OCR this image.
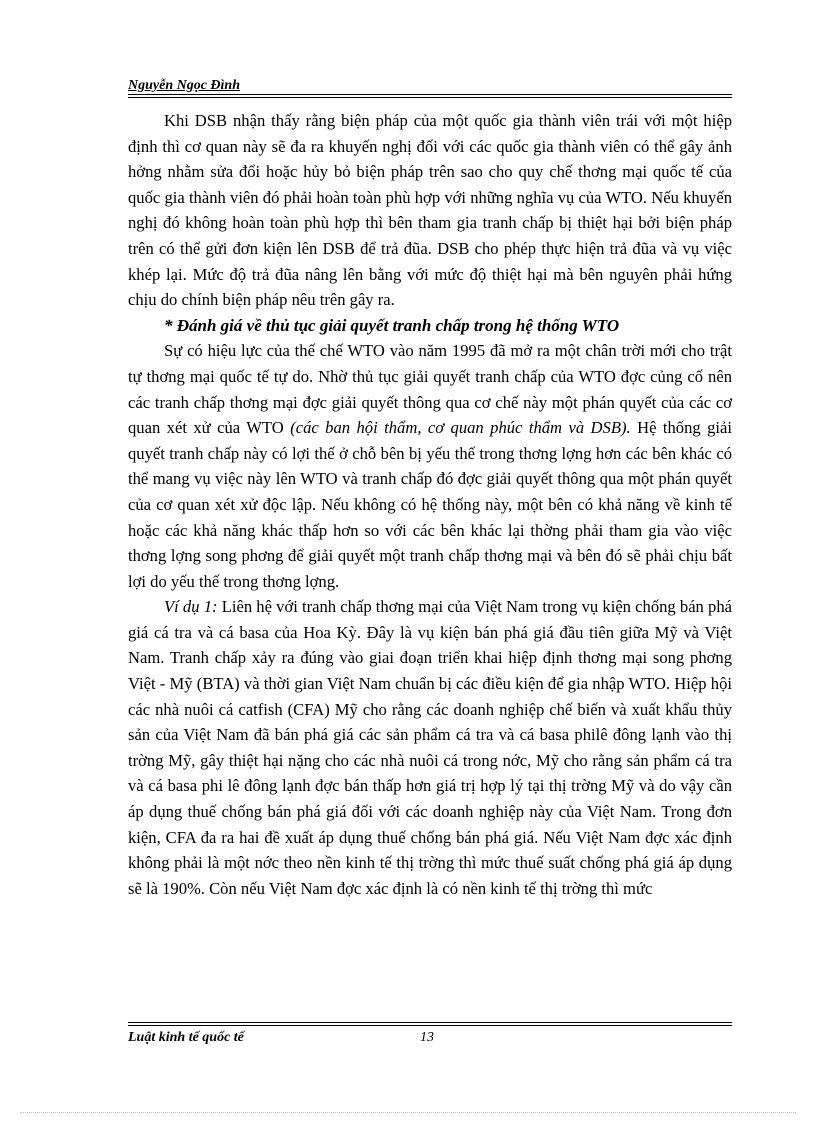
Nguyễn Ngọc Đình

Khi DSB nhận thấy rằng biện pháp của một quốc gia thành viên trái với một hiệp định thì cơ quan này sẽ đa ra khuyến nghị đối với các quốc gia thành viên có thể gây ảnh hởng nhằm sửa đổi hoặc hủy bỏ biện pháp trên sao cho quy chế thơng mại quốc tế của quốc gia thành viên đó phải hoàn toàn phù hợp với những nghĩa vụ của WTO. Nếu khuyến nghị đó không hoàn toàn phù hợp thì bên tham gia tranh chấp bị thiệt hại bởi biện pháp trên có thể gửi đơn kiện lên DSB để trả đũa. DSB cho phép thực hiện trả đũa và vụ việc khép lại. Mức độ trả đũa nâng lên bằng với mức độ thiệt hại mà bên nguyên phải hứng chịu do chính biện pháp nêu trên gây ra.

* Đánh giá về thủ tục giải quyết tranh chấp trong hệ thống WTO

Sự có hiệu lực của thế chế WTO vào năm 1995 đã mở ra một chân trời mới cho trật tự thơng mại quốc tế tự do. Nhờ thủ tục giải quyết tranh chấp của WTO đợc củng cố nên các tranh chấp thơng mại đợc giải quyết thông qua cơ chế này một phán quyết của các cơ quan xét xử của WTO (các ban hội thẩm, cơ quan phúc thẩm và DSB). Hệ thống giải quyết tranh chấp này có lợi thế ở chỗ bên bị yếu thế trong thơng lợng hơn các bên khác có thể mang vụ việc này lên WTO và tranh chấp đó đợc giải quyết thông qua một phán quyết của cơ quan xét xử độc lập. Nếu không có hệ thống này, một bên có khả năng về kinh tế hoặc các khả năng khác thấp hơn so với các bên khác lại thờng phải tham gia vào việc thơng lợng song phơng để giải quyết một tranh chấp thơng mại và bên đó sẽ phải chịu bất lợi do yếu thế trong thơng lợng.

Ví dụ 1: Liên hệ với tranh chấp thơng mại của Việt Nam trong vụ kiện chống bán phá giá cá tra và cá basa của Hoa Kỳ. Đây là vụ kiện bán phá giá đầu tiên giữa Mỹ và Việt Nam. Tranh chấp xảy ra đúng vào giai đoạn triển khai hiệp định thơng mại song phơng Việt - Mỹ (BTA) và thời gian Việt Nam chuẩn bị các điều kiện để gia nhập WTO. Hiệp hội các nhà nuôi cá catfish (CFA) Mỹ cho rằng các doanh nghiệp chế biến và xuất khẩu thủy sản của Việt Nam đã bán phá giá các sản phẩm cá tra và cá basa philê đông lạnh vào thị trờng Mỹ, gây thiệt hại nặng cho các nhà nuôi cá trong nớc, Mỹ cho rằng sản phẩm cá tra và cá basa phi lê đông lạnh đợc bán thấp hơn giá trị hợp lý tại thị trờng Mỹ và do vậy cần áp dụng thuế chống bán phá giá đối với các doanh nghiệp này của Việt Nam. Trong đơn kiện, CFA đa ra hai đề xuất áp dụng thuế chống bán phá giá. Nếu Việt Nam đợc xác định không phải là một nớc theo nền kinh tế thị trờng thì mức thuế suất chống phá giá áp dụng sẽ là 190%. Còn nếu Việt Nam đợc xác định là có nền kinh tế thị trờng thì mức

Luật kinh tế quốc tế	13
